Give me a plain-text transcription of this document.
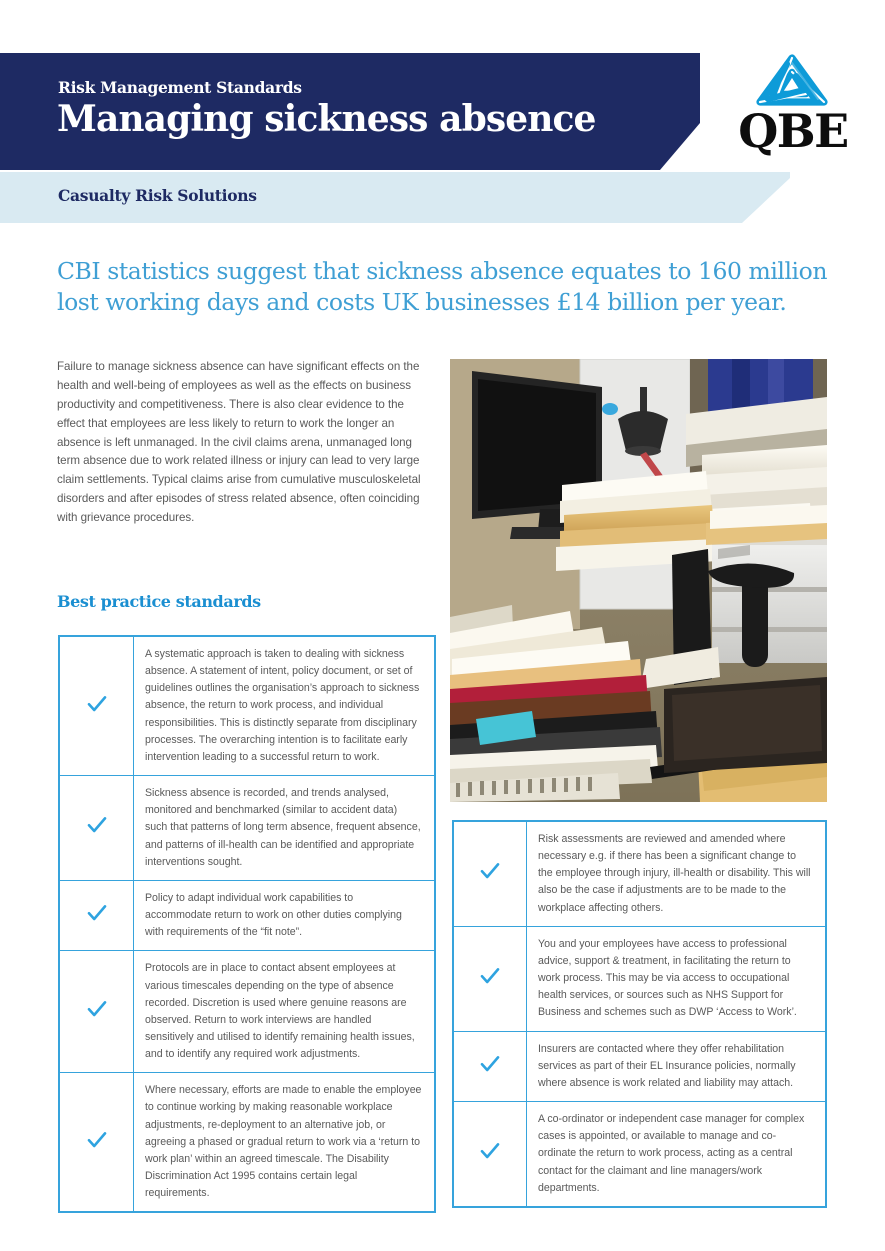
Risk Management Standards
Managing sickness absence
Casualty Risk Solutions
QBE
CBI statistics suggest that sickness absence equates to 160 million lost working days and costs UK businesses £14 billion per year.
Failure to manage sickness absence can have significant effects on the health and well-being of employees as well as the effects on business productivity and competitiveness. There is also clear evidence to the effect that employees are less likely to return to work the longer an absence is left unmanaged. In the civil claims arena, unmanaged long term absence due to work related illness or injury can lead to very large claim settlements. Typical claims arise from cumulative musculoskeletal disorders and after episodes of stress related absence, often coinciding with grievance procedures.
Best practice standards
	A systematic approach is taken to dealing with sickness absence. A statement of intent, policy document, or set of guidelines outlines the organisation’s approach to sickness absence, the return to work process, and individual responsibilities. This is distinctly separate from disciplinary processes. The overarching intention is to facilitate early intervention leading to a successful return to work.
	Sickness absence is recorded, and trends analysed, monitored and benchmarked (similar to accident data) such that patterns of long term absence, frequent absence, and patterns of ill-health can be identified and appropriate interventions sought.
	Policy to adapt individual work capabilities to accommodate return to work on other duties complying with requirements of the “fit note”.
	Protocols are in place to contact absent employees at various timescales depending on the type of absence recorded. Discretion is used where genuine reasons are observed. Return to work interviews are handled sensitively and utilised to identify remaining health issues, and to identify any required work adjustments.
	Where necessary, efforts are made to enable the employee to continue working by making reasonable workplace adjustments, re-deployment to an alternative job, or agreeing a phased or gradual return to work via a ‘return to work plan’ within an agreed timescale. The Disability Discrimination Act 1995 contains certain legal requirements.
	Risk assessments are reviewed and amended where necessary e.g. if there has been a significant change to the employee through injury, ill-health or disability. This will also be the case if adjustments are to be made to the workplace affecting others.
	You and your employees have access to professional advice, support & treatment, in facilitating the return to work process. This may be via access to occupational health services, or sources such as NHS Support for Business and schemes such as DWP ‘Access to Work’.
	Insurers are contacted where they offer rehabilitation services as part of their EL Insurance policies, normally where absence is work related and liability may attach.
	A co-ordinator or independent case manager for complex cases is appointed, or available to manage and co-ordinate the return to work process, acting as a central contact for the claimant and line managers/work departments.
